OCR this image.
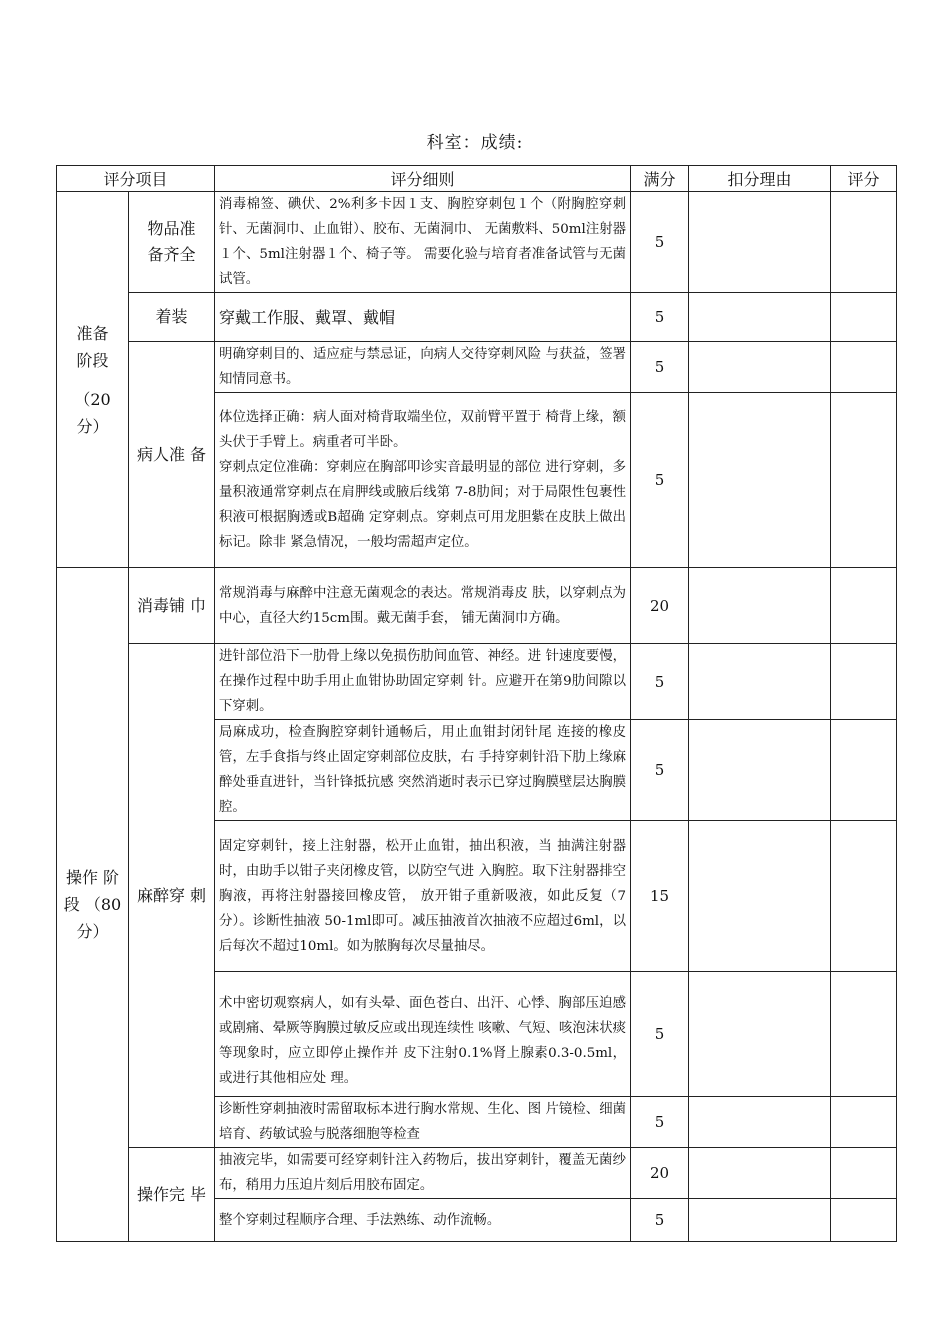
科室：成绩:
评分项目		评分细则	满分	扣分理由	评分
准备
阶段

（20
分）	物品准
备齐全	消毒棉签、碘伏、2%利多卡因１支、胸腔穿刺包１个（附胸腔穿刺针、无菌洞巾、止血钳）、胶布、无菌洞巾、 无菌敷料、50ml注射器１个、5ml注射器１个、椅子等。 需要化验与培育者准备试管与无菌试管。	5		
	着装	穿戴工作服、戴罩、戴帽	5		
	病人准 备	明确穿刺目的、适应症与禁忌证，向病人交待穿刺风险 与获益，签署知情同意书。	5		
		体位选择正确：病人面对椅背取端坐位，双前臂平置于 椅背上缘，额头伏于手臂上。病重者可半卧。
穿刺点定位准确：穿刺应在胸部叩诊实音最明显的部位 进行穿刺，多量积液通常穿刺点在肩胛线或腋后线第 7-8肋间；对于局限性包裹性积液可根据胸透或B超确 定穿刺点。穿刺点可用龙胆紫在皮肤上做出标记。除非 紧急情况，一般均需超声定位。	5		
操作 阶
段 （80
分）	消毒铺 巾	常规消毒与麻醉中注意无菌观念的表达。常规消毒皮 肤，以穿刺点为中心，直径大约15cm围。戴无菌手套， 铺无菌洞巾方确。	20		
	麻醉穿 刺	进针部位沿下一肋骨上缘以免损伤肋间血管、神经。进 针速度要慢，在操作过程中助手用止血钳协助固定穿刺 针。应避开在第9肋间隙以下穿刺。	5		
		局麻成功，检查胸腔穿刺针通畅后，用止血钳封闭针尾 连接的橡皮管，左手食指与终止固定穿刺部位皮肤，右 手持穿刺针沿下肋上缘麻醉处垂直进针，当针锋抵抗感 突然消逝时表示已穿过胸膜壁层达胸膜腔。	5		
		固定穿刺针，接上注射器，松开止血钳，抽出积液，当 抽满注射器时，由助手以钳子夹闭橡皮管，以防空气进 入胸腔。取下注射器排空胸液，再将注射器接回橡皮管， 放开钳子重新吸液，如此反复（7分）。诊断性抽液 50-1ml即可。减压抽液首次抽液不应超过6ml，以 后每次不超过10ml。如为脓胸每次尽量抽尽。	15		
		术中密切观察病人，如有头晕、面色苍白、出汗、心悸、胸部压迫感或剧痛、晕厥等胸膜过敏反应或出现连续性 咳嗽、气短、咳泡沫状痰等现象时，应立即停止操作并 皮下注射0.1%肾上腺素0.3-0.5ml，或进行其他相应处 理。	5		
		诊断性穿刺抽液时需留取标本进行胸水常规、生化、图 片镜检、细菌培育、药敏试验与脱落细胞等检查	5		
	操作完 毕	抽液完毕，如需要可经穿刺针注入药物后，拔出穿刺针，覆盖无菌纱布，稍用力压迫片刻后用胶布固定。	20		
		整个穿刺过程顺序合理、手法熟练、动作流畅。	5		
